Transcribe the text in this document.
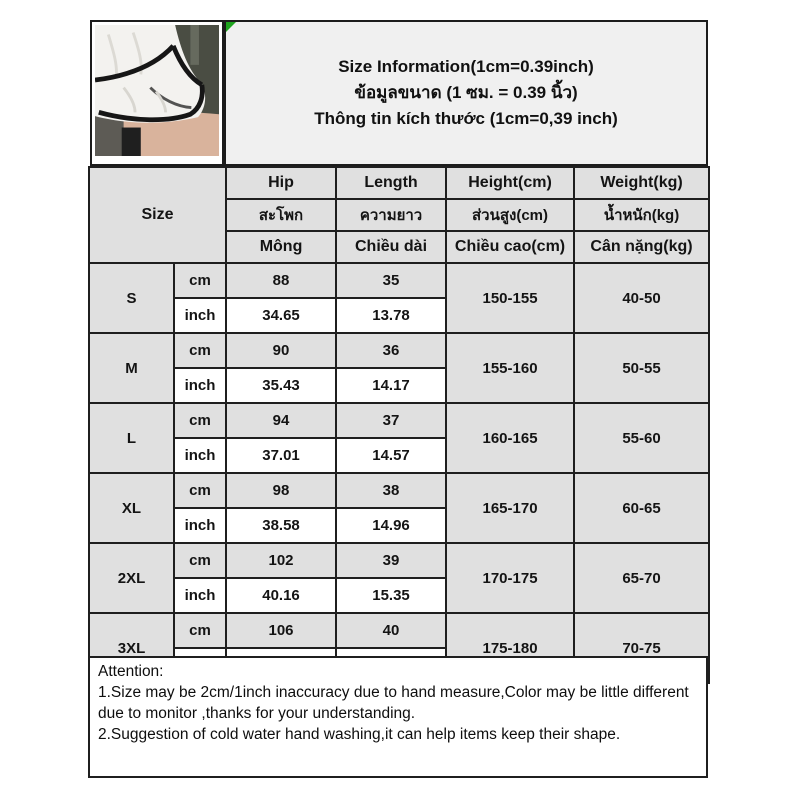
Size Information(1cm=0.39inch)
ข้อมูลขนาด (1 ซม. = 0.39 นิ้ว)
Thông tin kích thước (1cm=0,39 inch)
Size		Hip	Length	Height(cm)	Weight(kg)
		สะโพก	ความยาว	ส่วนสูง(cm)	น้ำหนัก(kg)
		Mông	Chiều dài	Chiều cao(cm)	Cân nặng(kg)
S	cm	88	35	150-155	40-50
	inch	34.65	13.78		
M	cm	90	36	155-160	50-55
	inch	35.43	14.17		
L	cm	94	37	160-165	55-60
	inch	37.01	14.57		
XL	cm	98	38	165-170	60-65
	inch	38.58	14.96		
2XL	cm	102	39	170-175	65-70
	inch	40.16	15.35		
3XL	cm	106	40	175-180	70-75

Attention:

1.Size may be 2cm/1inch inaccuracy due to hand measure,Color may be little different due to monitor ,thanks for your understanding.

2.Suggestion of cold water hand washing,it can help items keep their shape.
